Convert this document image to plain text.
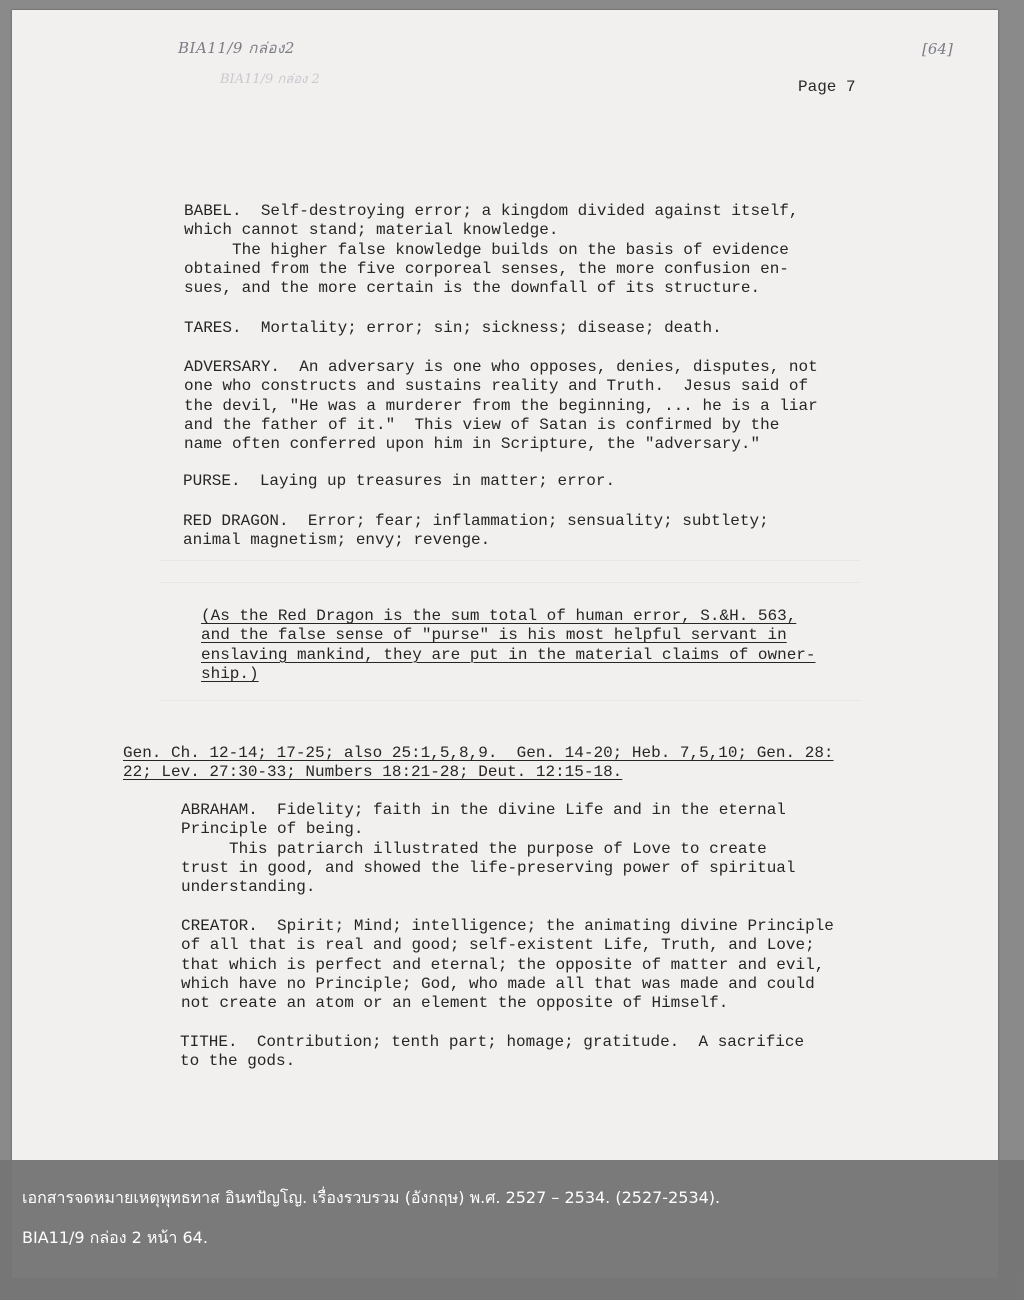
BIA11/9 กล่อง2
BIA11/9 กล่อง 2
[64]
Page 7
BABEL.  Self-destroying error; a kingdom divided against itself,
which cannot stand; material knowledge.
The higher false knowledge builds on the basis of evidence
obtained from the five corporeal senses, the more confusion en-
sues, and the more certain is the downfall of its structure.
TARES.  Mortality; error; sin; sickness; disease; death.
ADVERSARY.  An adversary is one who opposes, denies, disputes, not
one who constructs and sustains reality and Truth.  Jesus said of
the devil, "He was a murderer from the beginning, ... he is a liar
and the father of it."  This view of Satan is confirmed by the
name often conferred upon him in Scripture, the "adversary."
PURSE.  Laying up treasures in matter; error.
RED DRAGON.  Error; fear; inflammation; sensuality; subtlety;
animal magnetism; envy; revenge.
(As the Red Dragon is the sum total of human error, S.&H. 563,
and the false sense of "purse" is his most helpful servant in
enslaving mankind, they are put in the material claims of owner-
ship.)
Gen. Ch. 12-14; 17-25; also 25:1,5,8,9.  Gen. 14-20; Heb. 7,5,10; Gen. 28:
22; Lev. 27:30-33; Numbers 18:21-28; Deut. 12:15-18.
ABRAHAM.  Fidelity; faith in the divine Life and in the eternal
Principle of being.
This patriarch illustrated the purpose of Love to create
trust in good, and showed the life-preserving power of spiritual
understanding.
CREATOR.  Spirit; Mind; intelligence; the animating divine Principle
of all that is real and good; self-existent Life, Truth, and Love;
that which is perfect and eternal; the opposite of matter and evil,
which have no Principle; God, who made all that was made and could
not create an atom or an element the opposite of Himself.
TITHE.  Contribution; tenth part; homage; gratitude.  A sacrifice
to the gods.
เอกสารจดหมายเหตุพุทธทาส อินทปัญโญ. เรื่องรวบรวม (อังกฤษ) พ.ศ. 2527 – 2534. (2527-2534).
BIA11/9 กล่อง 2 หน้า 64.
